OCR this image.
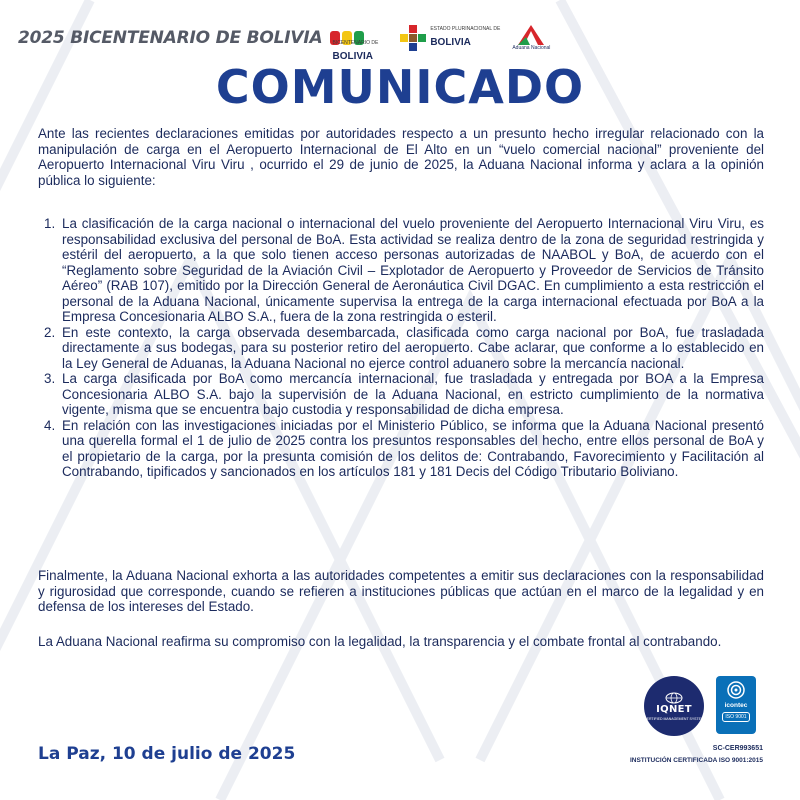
2025 BICENTENARIO DE BOLIVIA BICENTENARIO DE
BOLIVIA
ESTADO PLURINACIONAL DE
BOLIVIA	Aduana Nacional
COMUNICADO

Ante las recientes declaraciones emitidas por autoridades respecto a un presunto hecho irregular relacionado con la manipulación de carga en el Aeropuerto Internacional de El Alto en un “vuelo comercial nacional” proveniente del Aeropuerto Internacional Viru Viru , ocurrido el 29 de junio de 2025, la Aduana Nacional informa y aclara a la opinión pública lo siguiente:

1. La clasificación de la carga nacional o internacional del vuelo proveniente del Aeropuerto Internacional Viru Viru, es responsabilidad exclusiva del personal de BoA. Esta actividad se realiza dentro de la zona de seguridad restringida y estéril del aeropuerto, a la que solo tienen acceso personas autorizadas de NAABOL y BoA, de acuerdo con el “Reglamento sobre Seguridad de la Aviación Civil – Explotador de Aeropuerto y Proveedor de Servicios de Tránsito Aéreo” (RAB 107), emitido por la Dirección General de Aeronáutica Civil DGAC. En cumplimiento a esta restricción el personal de la Aduana Nacional, únicamente supervisa la entrega de la carga internacional efectuada por BoA a la Empresa Concesionaria ALBO S.A., fuera de la zona restringida o esteril.
2. En este contexto, la carga observada desembarcada, clasificada como carga nacional por BoA, fue trasladada directamente a sus bodegas, para su posterior retiro del aeropuerto. Cabe aclarar, que conforme a lo establecido en la Ley General de Aduanas, la Aduana Nacional no ejerce control aduanero sobre la mercancía nacional.
3. La carga clasificada por BoA como mercancía internacional, fue trasladada y entregada por BOA a la Empresa Concesionaria ALBO S.A. bajo la supervisión de la Aduana Nacional, en estricto cumplimiento de la normativa vigente, misma que se encuentra bajo custodia y responsabilidad de dicha empresa.
4. En relación con las investigaciones iniciadas por el Ministerio Público, se informa que la Aduana Nacional presentó una querella formal el 1 de julio de 2025 contra los presuntos responsables del hecho, entre ellos personal de BoA y el propietario de la carga, por la presunta comisión de los delitos de: Contrabando, Favorecimiento y Facilitación al Contrabando, tipificados y sancionados en los artículos 181 y 181 Decis del Código Tributario Boliviano.

Finalmente, la Aduana Nacional exhorta a las autoridades competentes a emitir sus declaraciones con la responsabilidad y rigurosidad que corresponde, cuando se refieren a instituciones públicas que actúan en el marco de la legalidad y en defensa de los intereses del Estado.

La Aduana Nacional reafirma su compromiso con la legalidad, la transparencia y el combate frontal al contrabando.

La Paz, 10 de julio de 2025
IQNET
CERTIFIED MANAGEMENT SYSTEM
icontec
ISO 9001
SC-CER993651
INSTITUCIÓN CERTIFICADA ISO 9001:2015
